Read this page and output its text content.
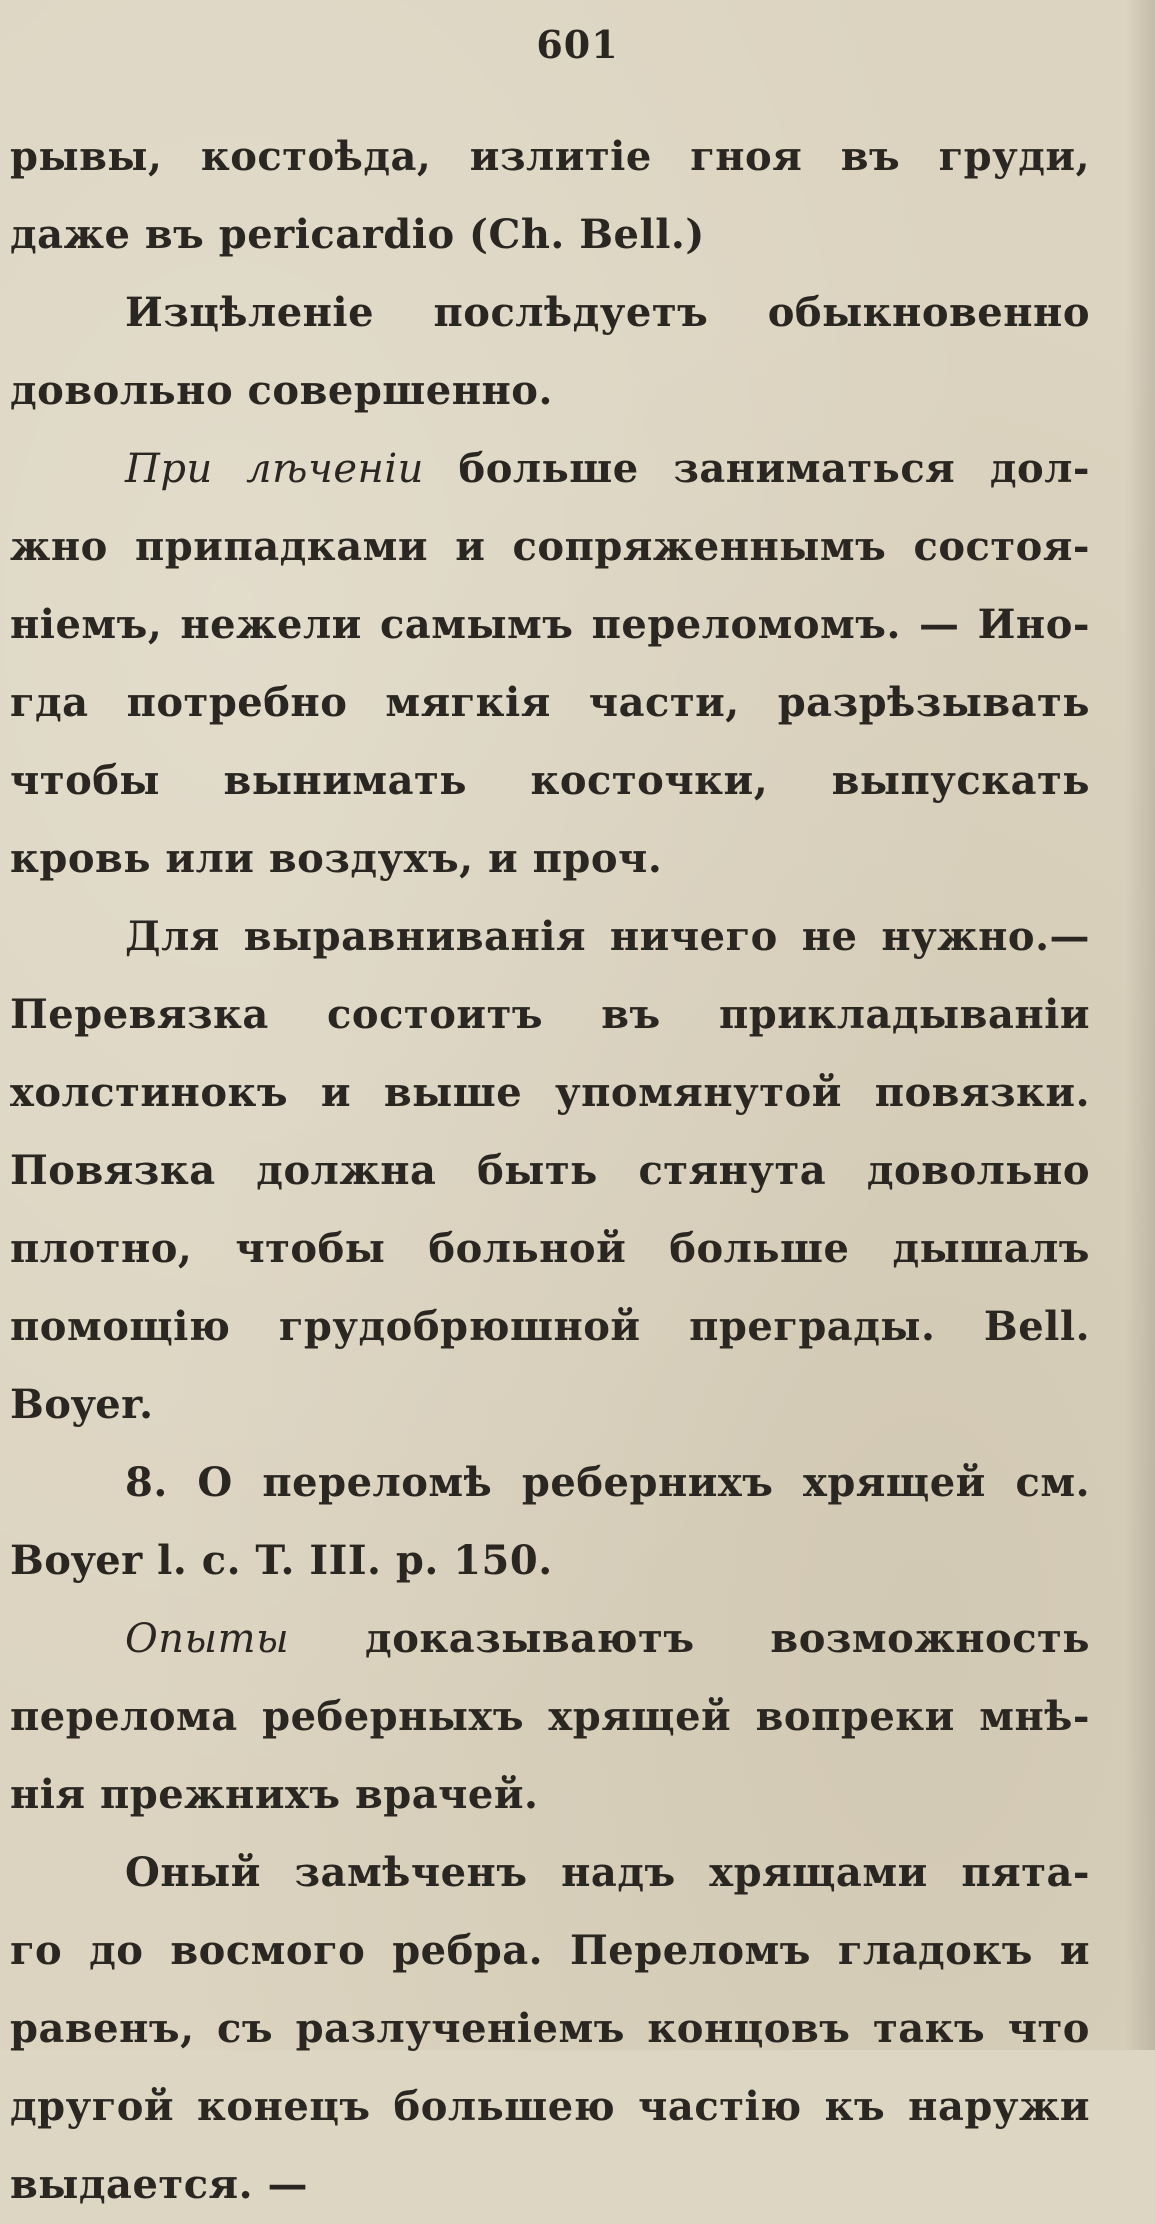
601
рывы, костоѣда, излитіе гноя въ груди,
даже въ pericardio (Ch. Bell.)
Изцѣленіе послѣдуетъ обыкновенно
довольно совершенно.
При лѣченіи больше заниматься дол-
жно припадками и сопряженнымъ состоя-
ніемъ, нежели самымъ переломомъ. — Ино-
гда потребно мягкія части, разрѣзывать
чтобы вынимать косточки, выпускать
кровь или воздухъ, и проч.
Для выравниванія ничего не нужно.—
Перевязка состоитъ въ прикладываніи
холстинокъ и выше упомянутой повязки.
Повязка должна быть стянута довольно
плотно, чтобы больной больше дышалъ
помощію грудобрюшной преграды. Bell.
Boyer.
8. О переломѣ ребернихъ хрящей см.
Boyer l. c. T. III. p. 150.
Опыты доказываютъ возможность
перелома реберныхъ хрящей вопреки мнѣ-
нія прежнихъ врачей.
Оный замѣченъ надъ хрящами пята-
го до восмого ребра. Переломъ гладокъ и
равенъ, съ разлученіемъ концовъ такъ что
другой конецъ большею частію къ наружи
выдается. —
